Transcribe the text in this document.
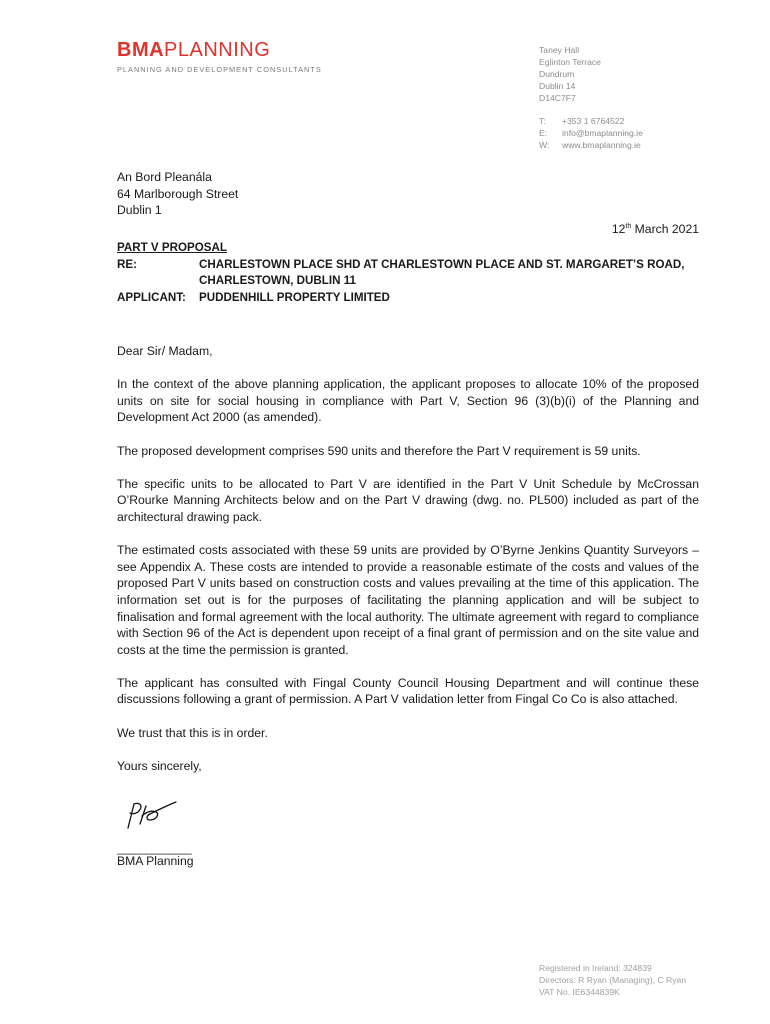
BMAPLANNING
PLANNING AND DEVELOPMENT CONSULTANTS
Taney Hall
Eglinton Terrace
Dundrum
Dublin 14
D14C7F7
T:	+353 1 6764522
E:	info@bmaplanning.ie
W:	www.bmaplanning.ie
An Bord Pleanála
64 Marlborough Street
Dublin 1
12th March 2021
PART V PROPOSAL
RE:	CHARLESTOWN PLACE SHD AT CHARLESTOWN PLACE AND ST. MARGARET’S ROAD,
CHARLESTOWN, DUBLIN 11
APPLICANT:	PUDDENHILL PROPERTY LIMITED

Dear Sir/ Madam,

In the context of the above planning application, the applicant proposes to allocate 10% of the proposed units on site for social housing in compliance with Part V, Section 96 (3)(b)(i) of the Planning and Development Act 2000 (as amended).

The proposed development comprises 590 units and therefore the Part V requirement is 59 units.

The specific units to be allocated to Part V are identified in the Part V Unit Schedule by McCrossan O’Rourke Manning Architects below and on the Part V drawing (dwg. no. PL500) included as part of the architectural drawing pack.

The estimated costs associated with these 59 units are provided by O’Byrne Jenkins Quantity Surveyors – see Appendix A. These costs are intended to provide a reasonable estimate of the costs and values of the proposed Part V units based on construction costs and values prevailing at the time of this application. The information set out is for the purposes of facilitating the planning application and will be subject to finalisation and formal agreement with the local authority. The ultimate agreement with regard to compliance with Section 96 of the Act is dependent upon receipt of a final grant of permission and on the site value and costs at the time the permission is granted.

The applicant has consulted with Fingal County Council Housing Department and will continue these discussions following a grant of permission. A Part V validation letter from Fingal Co Co is also attached.

We trust that this is in order.

Yours sincerely,

_____________
BMA Planning
Registered in Ireland: 324839
Directors: R Ryan (Managing), C Ryan
VAT No. IE6344839K
